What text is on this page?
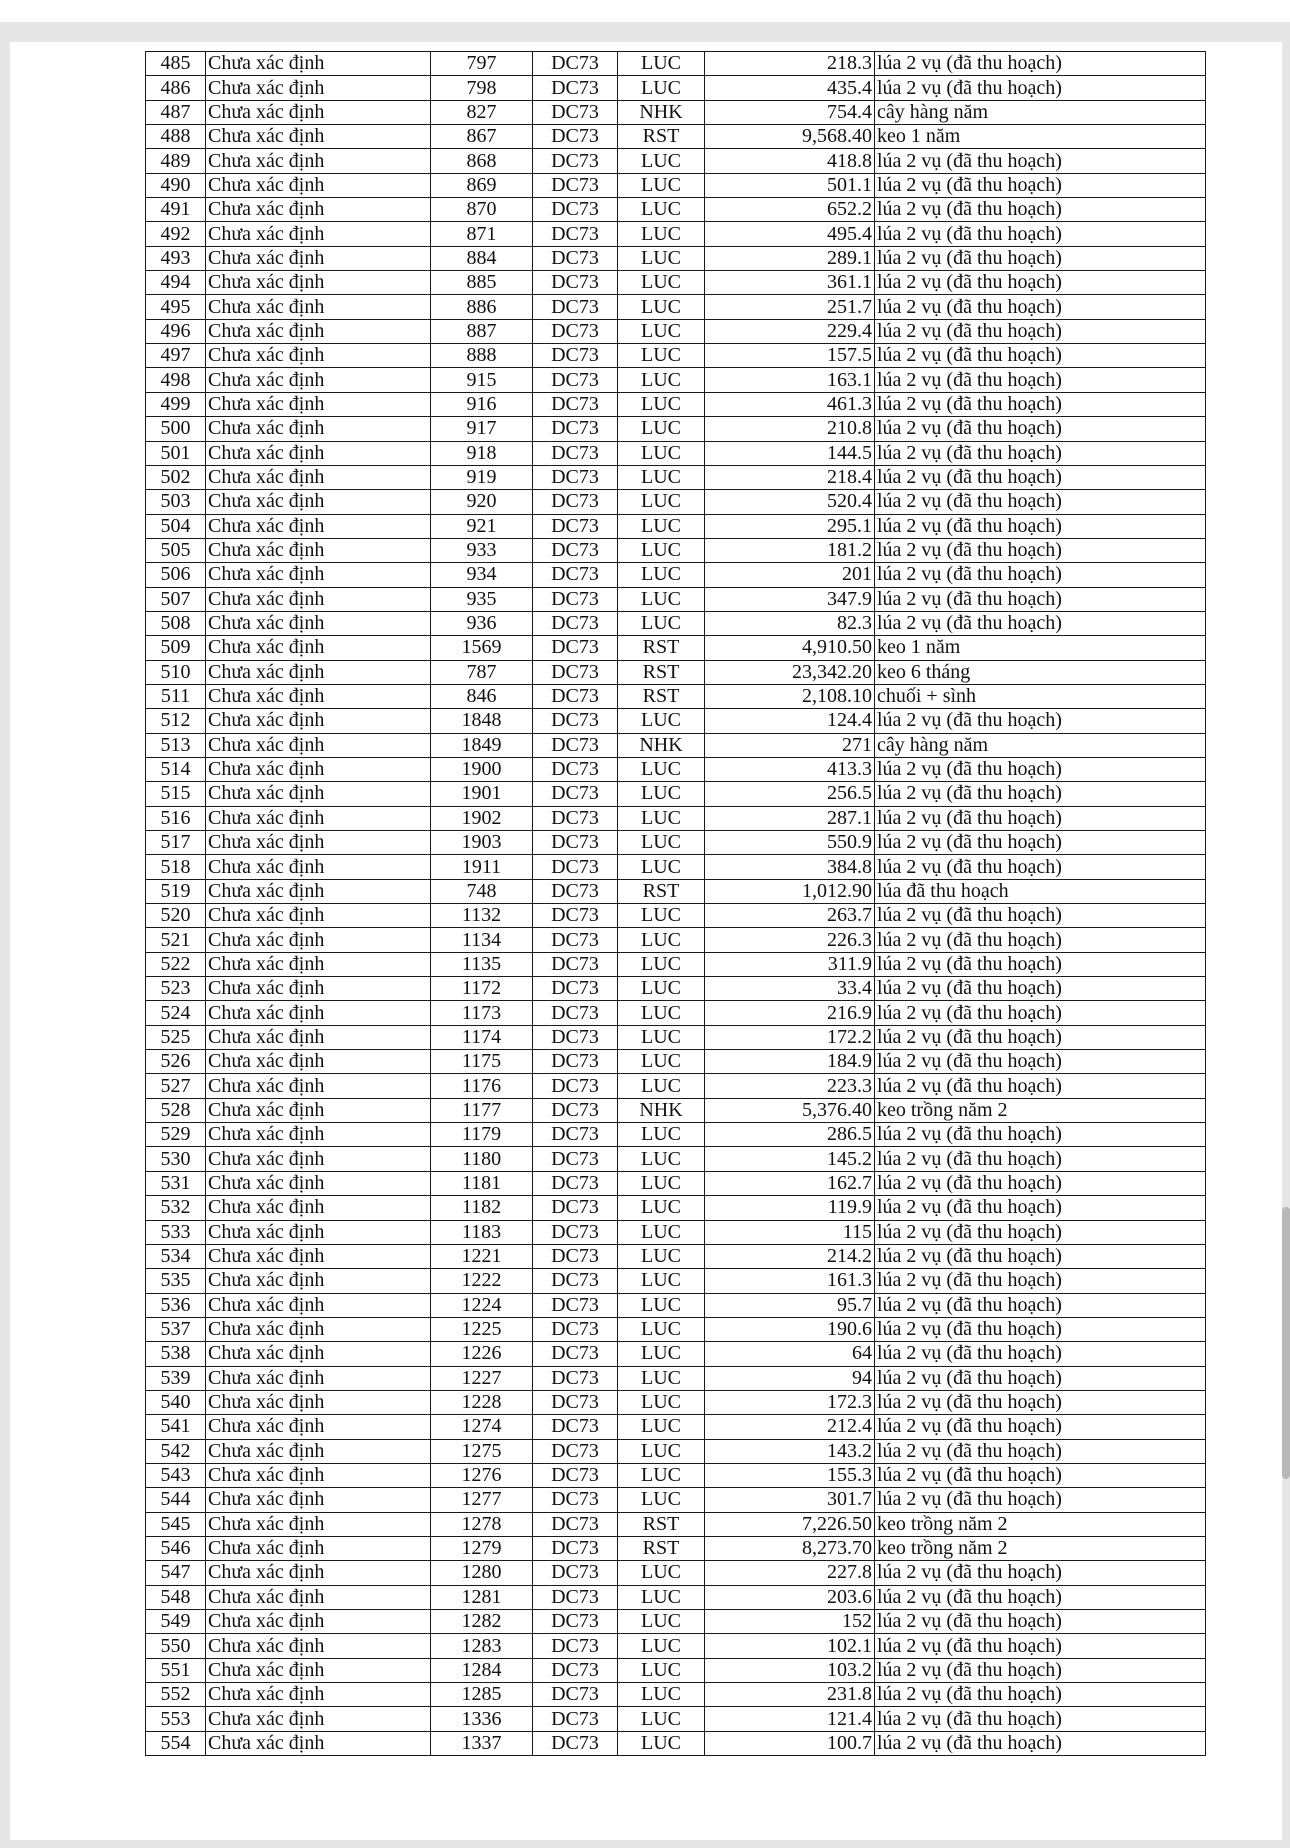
485	Chưa xác định	797	DC73	LUC	218.3	lúa 2 vụ (đã thu hoạch)
486	Chưa xác định	798	DC73	LUC	435.4	lúa 2 vụ (đã thu hoạch)
487	Chưa xác định	827	DC73	NHK	754.4	cây hàng năm
488	Chưa xác định	867	DC73	RST	9,568.40	keo 1 năm
489	Chưa xác định	868	DC73	LUC	418.8	lúa 2 vụ (đã thu hoạch)
490	Chưa xác định	869	DC73	LUC	501.1	lúa 2 vụ (đã thu hoạch)
491	Chưa xác định	870	DC73	LUC	652.2	lúa 2 vụ (đã thu hoạch)
492	Chưa xác định	871	DC73	LUC	495.4	lúa 2 vụ (đã thu hoạch)
493	Chưa xác định	884	DC73	LUC	289.1	lúa 2 vụ (đã thu hoạch)
494	Chưa xác định	885	DC73	LUC	361.1	lúa 2 vụ (đã thu hoạch)
495	Chưa xác định	886	DC73	LUC	251.7	lúa 2 vụ (đã thu hoạch)
496	Chưa xác định	887	DC73	LUC	229.4	lúa 2 vụ (đã thu hoạch)
497	Chưa xác định	888	DC73	LUC	157.5	lúa 2 vụ (đã thu hoạch)
498	Chưa xác định	915	DC73	LUC	163.1	lúa 2 vụ (đã thu hoạch)
499	Chưa xác định	916	DC73	LUC	461.3	lúa 2 vụ (đã thu hoạch)
500	Chưa xác định	917	DC73	LUC	210.8	lúa 2 vụ (đã thu hoạch)
501	Chưa xác định	918	DC73	LUC	144.5	lúa 2 vụ (đã thu hoạch)
502	Chưa xác định	919	DC73	LUC	218.4	lúa 2 vụ (đã thu hoạch)
503	Chưa xác định	920	DC73	LUC	520.4	lúa 2 vụ (đã thu hoạch)
504	Chưa xác định	921	DC73	LUC	295.1	lúa 2 vụ (đã thu hoạch)
505	Chưa xác định	933	DC73	LUC	181.2	lúa 2 vụ (đã thu hoạch)
506	Chưa xác định	934	DC73	LUC	201	lúa 2 vụ (đã thu hoạch)
507	Chưa xác định	935	DC73	LUC	347.9	lúa 2 vụ (đã thu hoạch)
508	Chưa xác định	936	DC73	LUC	82.3	lúa 2 vụ (đã thu hoạch)
509	Chưa xác định	1569	DC73	RST	4,910.50	keo 1 năm
510	Chưa xác định	787	DC73	RST	23,342.20	keo 6 tháng
511	Chưa xác định	846	DC73	RST	2,108.10	chuối + sình
512	Chưa xác định	1848	DC73	LUC	124.4	lúa 2 vụ (đã thu hoạch)
513	Chưa xác định	1849	DC73	NHK	271	cây hàng năm
514	Chưa xác định	1900	DC73	LUC	413.3	lúa 2 vụ (đã thu hoạch)
515	Chưa xác định	1901	DC73	LUC	256.5	lúa 2 vụ (đã thu hoạch)
516	Chưa xác định	1902	DC73	LUC	287.1	lúa 2 vụ (đã thu hoạch)
517	Chưa xác định	1903	DC73	LUC	550.9	lúa 2 vụ (đã thu hoạch)
518	Chưa xác định	1911	DC73	LUC	384.8	lúa 2 vụ (đã thu hoạch)
519	Chưa xác định	748	DC73	RST	1,012.90	lúa đã thu hoạch
520	Chưa xác định	1132	DC73	LUC	263.7	lúa 2 vụ (đã thu hoạch)
521	Chưa xác định	1134	DC73	LUC	226.3	lúa 2 vụ (đã thu hoạch)
522	Chưa xác định	1135	DC73	LUC	311.9	lúa 2 vụ (đã thu hoạch)
523	Chưa xác định	1172	DC73	LUC	33.4	lúa 2 vụ (đã thu hoạch)
524	Chưa xác định	1173	DC73	LUC	216.9	lúa 2 vụ (đã thu hoạch)
525	Chưa xác định	1174	DC73	LUC	172.2	lúa 2 vụ (đã thu hoạch)
526	Chưa xác định	1175	DC73	LUC	184.9	lúa 2 vụ (đã thu hoạch)
527	Chưa xác định	1176	DC73	LUC	223.3	lúa 2 vụ (đã thu hoạch)
528	Chưa xác định	1177	DC73	NHK	5,376.40	keo trồng năm 2
529	Chưa xác định	1179	DC73	LUC	286.5	lúa 2 vụ (đã thu hoạch)
530	Chưa xác định	1180	DC73	LUC	145.2	lúa 2 vụ (đã thu hoạch)
531	Chưa xác định	1181	DC73	LUC	162.7	lúa 2 vụ (đã thu hoạch)
532	Chưa xác định	1182	DC73	LUC	119.9	lúa 2 vụ (đã thu hoạch)
533	Chưa xác định	1183	DC73	LUC	115	lúa 2 vụ (đã thu hoạch)
534	Chưa xác định	1221	DC73	LUC	214.2	lúa 2 vụ (đã thu hoạch)
535	Chưa xác định	1222	DC73	LUC	161.3	lúa 2 vụ (đã thu hoạch)
536	Chưa xác định	1224	DC73	LUC	95.7	lúa 2 vụ (đã thu hoạch)
537	Chưa xác định	1225	DC73	LUC	190.6	lúa 2 vụ (đã thu hoạch)
538	Chưa xác định	1226	DC73	LUC	64	lúa 2 vụ (đã thu hoạch)
539	Chưa xác định	1227	DC73	LUC	94	lúa 2 vụ (đã thu hoạch)
540	Chưa xác định	1228	DC73	LUC	172.3	lúa 2 vụ (đã thu hoạch)
541	Chưa xác định	1274	DC73	LUC	212.4	lúa 2 vụ (đã thu hoạch)
542	Chưa xác định	1275	DC73	LUC	143.2	lúa 2 vụ (đã thu hoạch)
543	Chưa xác định	1276	DC73	LUC	155.3	lúa 2 vụ (đã thu hoạch)
544	Chưa xác định	1277	DC73	LUC	301.7	lúa 2 vụ (đã thu hoạch)
545	Chưa xác định	1278	DC73	RST	7,226.50	keo trồng năm 2
546	Chưa xác định	1279	DC73	RST	8,273.70	keo trồng năm 2
547	Chưa xác định	1280	DC73	LUC	227.8	lúa 2 vụ (đã thu hoạch)
548	Chưa xác định	1281	DC73	LUC	203.6	lúa 2 vụ (đã thu hoạch)
549	Chưa xác định	1282	DC73	LUC	152	lúa 2 vụ (đã thu hoạch)
550	Chưa xác định	1283	DC73	LUC	102.1	lúa 2 vụ (đã thu hoạch)
551	Chưa xác định	1284	DC73	LUC	103.2	lúa 2 vụ (đã thu hoạch)
552	Chưa xác định	1285	DC73	LUC	231.8	lúa 2 vụ (đã thu hoạch)
553	Chưa xác định	1336	DC73	LUC	121.4	lúa 2 vụ (đã thu hoạch)
554	Chưa xác định	1337	DC73	LUC	100.7	lúa 2 vụ (đã thu hoạch)
